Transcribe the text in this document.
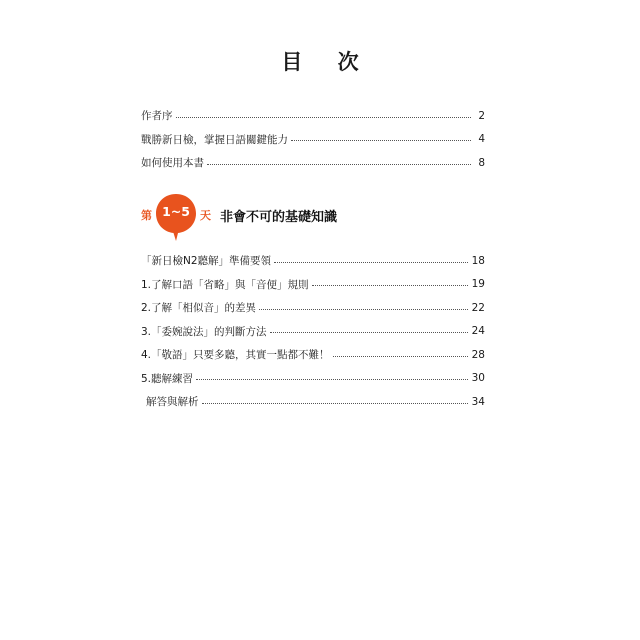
目 次
作者序	2
戰勝新日檢，掌握日語關鍵能力	4
如何使用本書	8
第 1~5 天 非會不可的基礎知識
「新日檢N2聽解」準備要領	18
1.了解口語「省略」與「音便」規則	19
2.了解「相似音」的差異	22
3.「委婉說法」的判斷方法	24
4.「敬語」只要多聽，其實一點都不難！	28
5.聽解練習	30
解答與解析	34
